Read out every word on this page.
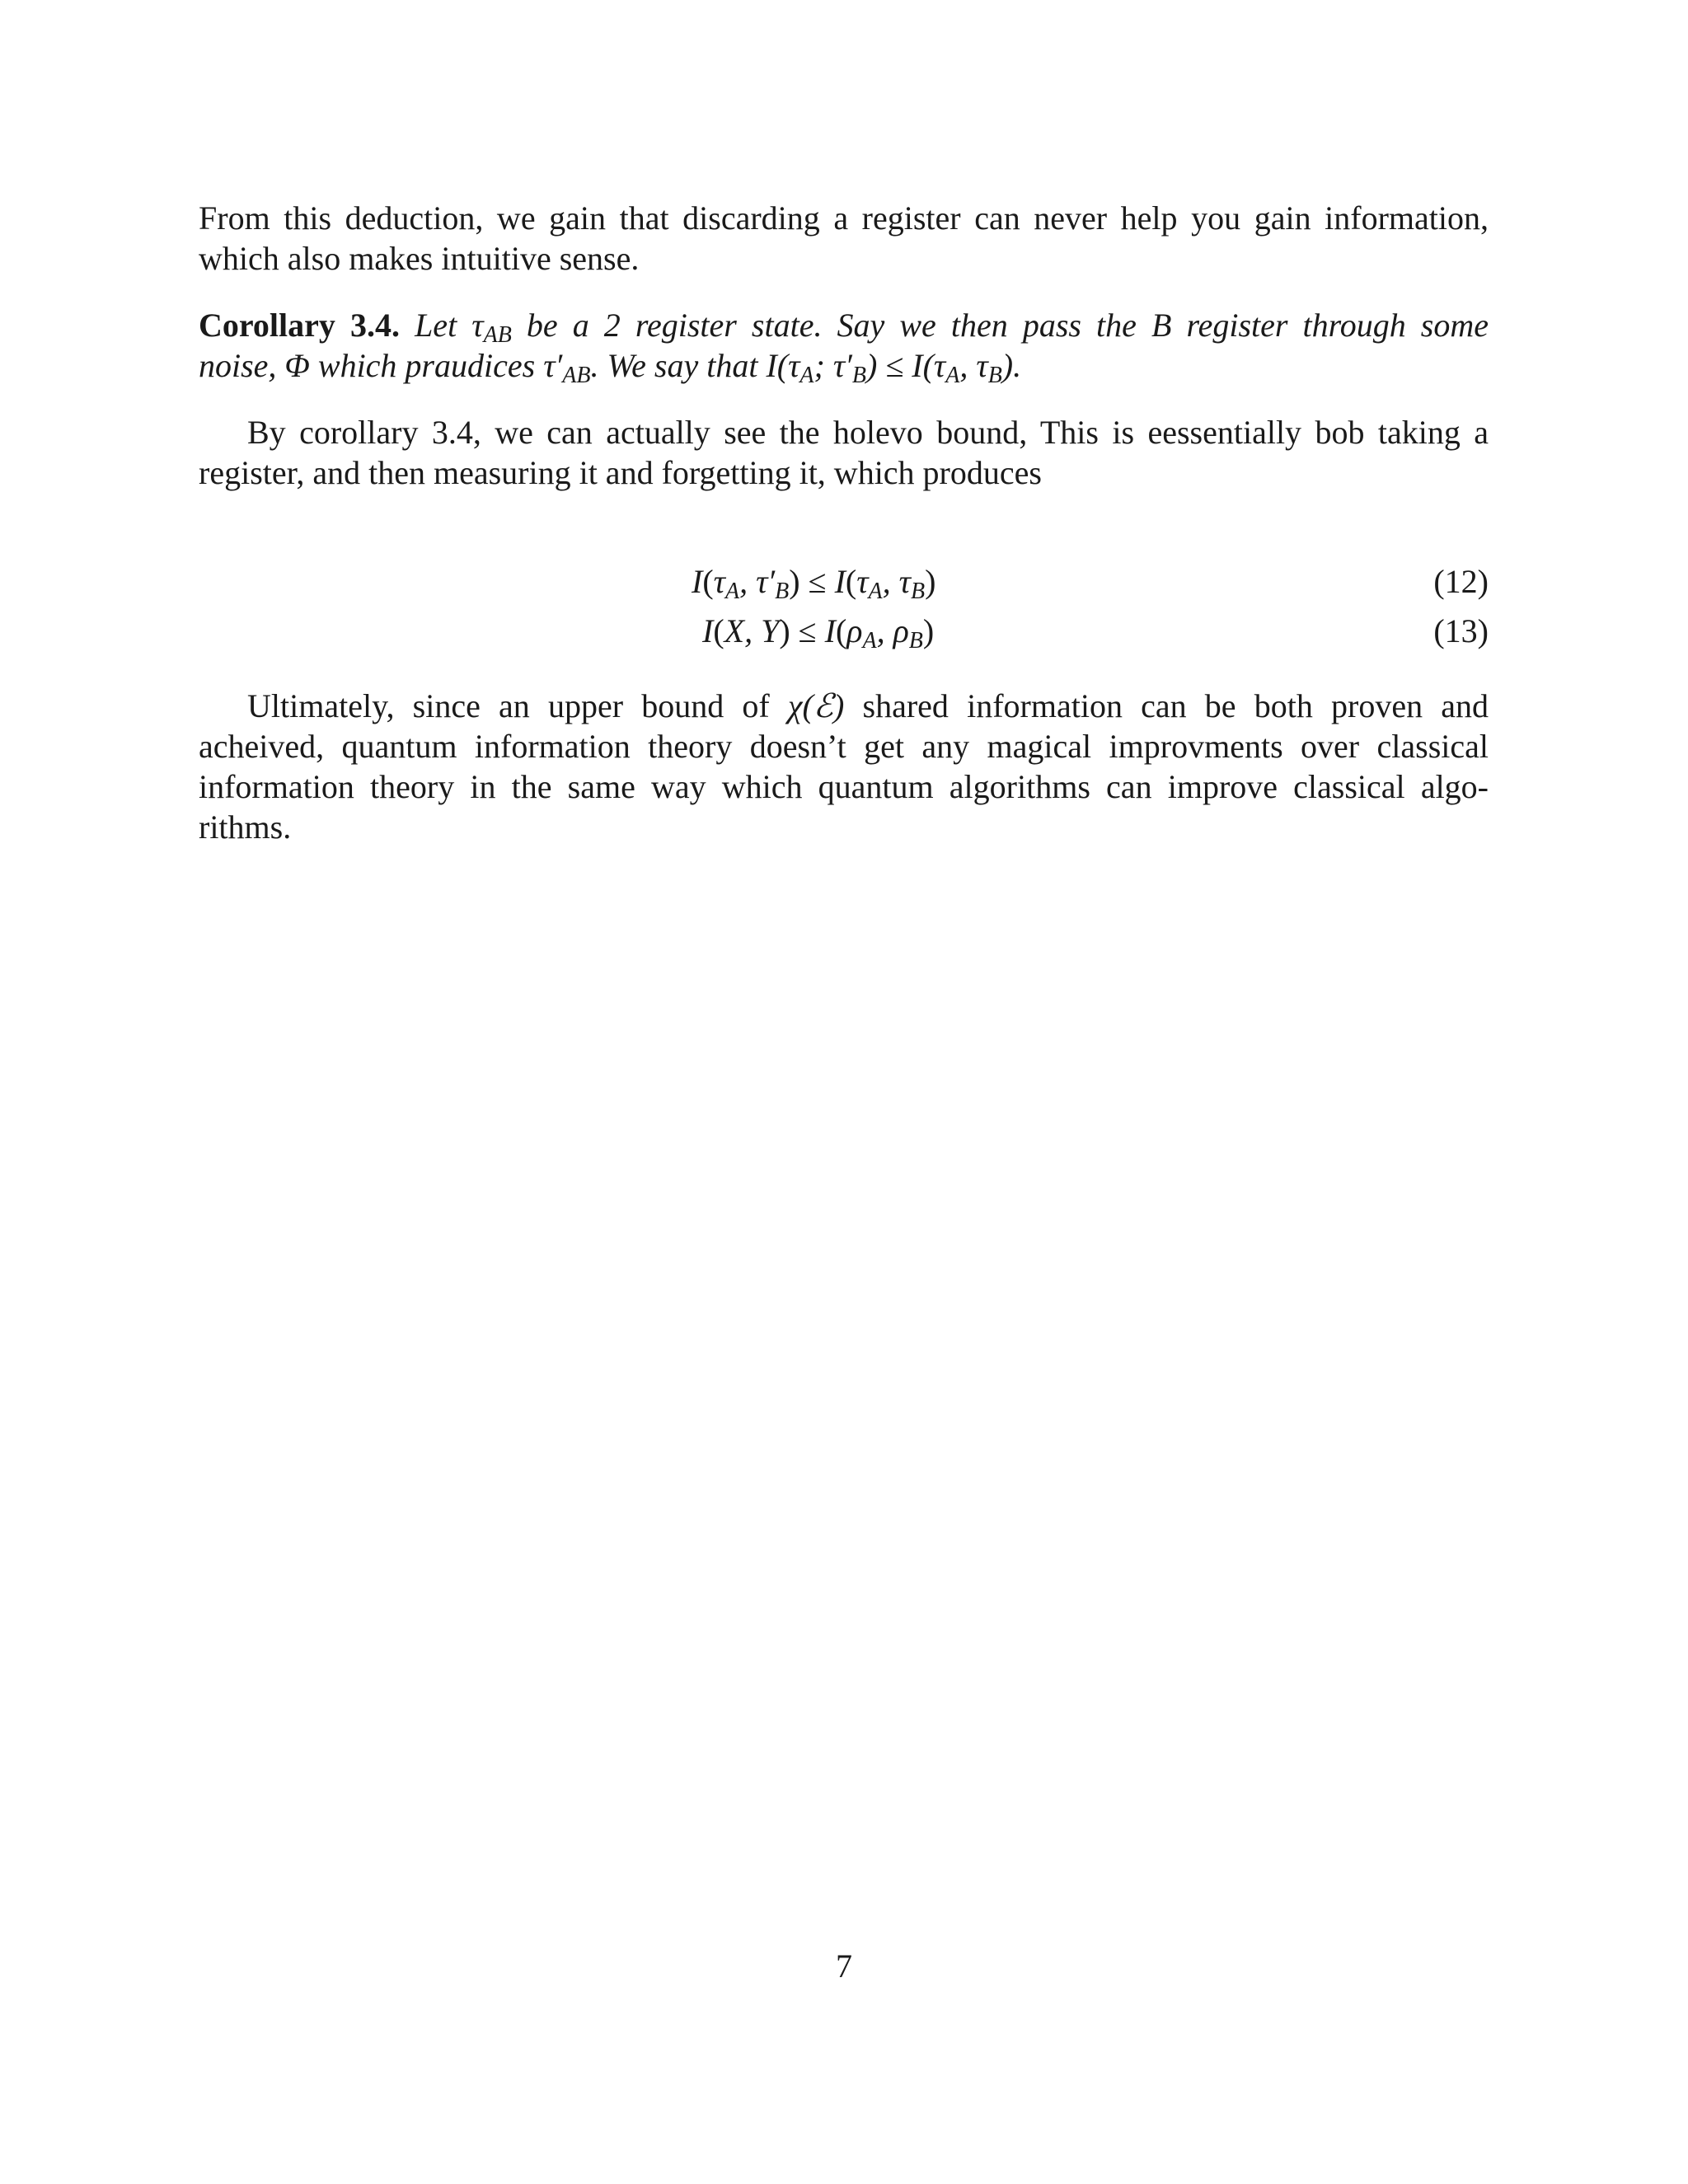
From this deduction, we gain that discarding a register can never help you gain information,
which also makes intuitive sense.

Corollary 3.4. Let $\tau_{AB}$ be a 2 register state. Say we then pass the B register through some
noise, Φ which praudices $\tau'_{AB}$. We say that $I(\tau_A$; $\tau'_B) \le I(\tau_A$, $\tau_B$).

By corollary 3.4, we can actually see the holevo bound, This is eessentially bob taking a
register, and then measuring it and forgetting it, which produces

$I(\tau_A$, $\tau'_B) \le I(\tau_A$, $\tau_B$)	(12)
I(X, $Y) \le I(\rho_A$, $\rho_B$)	(13)

Ultimately, since an upper bound of χ(ℰ) shared information can be both proven and
acheived, quantum information theory doesn’t get any magical improvments over classical
information theory in the same way which quantum algorithms can improve classical algo-
rithms.

7
